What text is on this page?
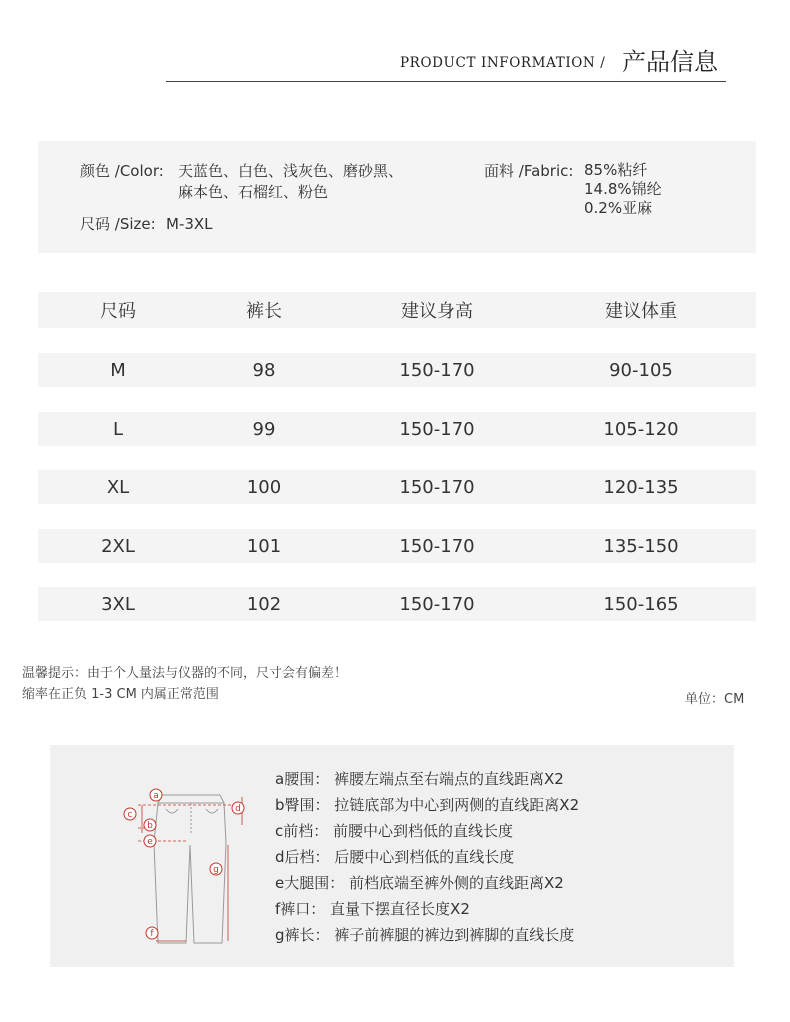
PRODUCT INFORMATION / 产品信息
颜色 /Color: 天蓝色、白色、浅灰色、磨砂黑、
麻本色、石榴红、粉色
尺码 /Size: M-3XL
面料 /Fabric: 85%粘纤
14.8%锦纶
0.2%亚麻
尺码	裤长	建议身高	建议体重
M	98	150-170	90-105
L	99	150-170	105-120
XL	100	150-170	120-135
2XL	101	150-170	135-150
3XL	102	150-170	150-165
温馨提示：由于个人量法与仪器的不同，尺寸会有偏差！
缩率在正负 1-3 CM 内属正常范围	单位：CM
a
b
c
d
e
f
g
a腰围： 裤腰左端点至右端点的直线距离X2
b臀围： 拉链底部为中心到两侧的直线距离X2
c前档： 前腰中心到档低的直线长度
d后档： 后腰中心到档低的直线长度
e大腿围： 前档底端至裤外侧的直线距离X2
f裤口： 直量下摆直径长度X2
g裤长： 裤子前裤腿的裤边到裤脚的直线长度
